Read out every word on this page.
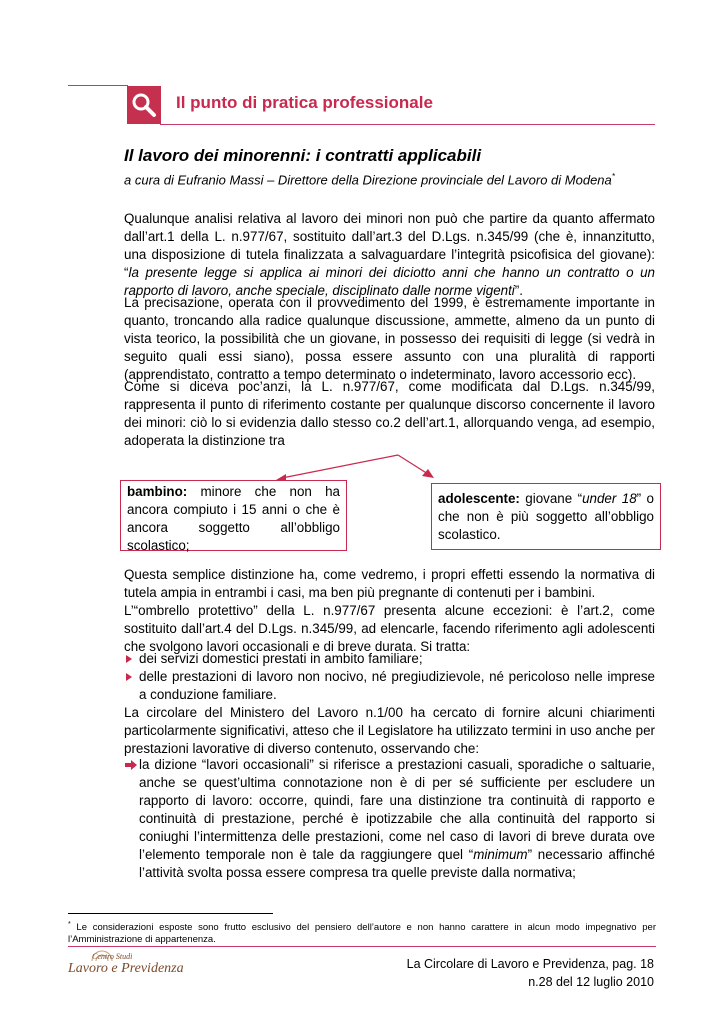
Il punto di pratica professionale
Il lavoro dei minorenni: i contratti applicabili
a cura di Eufranio Massi – Direttore della Direzione provinciale del Lavoro di Modena*
Qualunque analisi relativa al lavoro dei minori non può che partire da quanto affermato dall’art.1 della L. n.977/67, sostituito dall’art.3 del D.Lgs. n.345/99 (che è, innanzitutto, una disposizione di tutela finalizzata a salvaguardare l’integrità psicofisica del giovane): “la presente legge si applica ai minori dei diciotto anni che hanno un contratto o un rapporto di lavoro, anche speciale, disciplinato dalle norme vigenti”.
La precisazione, operata con il provvedimento del 1999, è estremamente importante in quanto, troncando alla radice qualunque discussione, ammette, almeno da un punto di vista teorico, la possibilità che un giovane, in possesso dei requisiti di legge (si vedrà in seguito quali essi siano), possa essere assunto con una pluralità di rapporti (apprendistato, contratto a tempo determinato o indeterminato, lavoro accessorio ecc).
Come si diceva poc’anzi, la L. n.977/67, come modificata dal D.Lgs. n.345/99, rappresenta il punto di riferimento costante per qualunque discorso concernente il lavoro dei minori: ciò lo si evidenzia dallo stesso co.2 dell’art.1, allorquando venga, ad esempio, adoperata la distinzione tra
bambino: minore che non ha ancora compiuto i 15 anni o che è ancora soggetto all’obbligo scolastico;
adolescente: giovane “under 18” o che non è più soggetto all’obbligo scolastico.
Questa semplice distinzione ha, come vedremo, i propri effetti essendo la normativa di tutela ampia in entrambi i casi, ma ben più pregnante di contenuti per i bambini.
L’“ombrello protettivo” della L. n.977/67 presenta alcune eccezioni: è l’art.2, come sostituito dall’art.4 del D.Lgs. n.345/99, ad elencarle, facendo riferimento agli adolescenti che svolgono lavori occasionali e di breve durata. Si tratta:
dei servizi domestici prestati in ambito familiare;
delle prestazioni di lavoro non nocivo, né pregiudizievole, né pericoloso nelle imprese a conduzione familiare.
La circolare del Ministero del Lavoro n.1/00 ha cercato di fornire alcuni chiarimenti particolarmente significativi, atteso che il Legislatore ha utilizzato termini in uso anche per prestazioni lavorative di diverso contenuto, osservando che:
la dizione “lavori occasionali” si riferisce a prestazioni casuali, sporadiche o saltuarie, anche se quest’ultima connotazione non è di per sé sufficiente per escludere un rapporto di lavoro: occorre, quindi, fare una distinzione tra continuità di rapporto e continuità di prestazione, perché è ipotizzabile che alla continuità del rapporto si coniughi l’intermittenza delle prestazioni, come nel caso di lavori di breve durata ove l’elemento temporale non è tale da raggiungere quel “minimum” necessario affinché l’attività svolta possa essere compresa tra quelle previste dalla normativa;
* Le considerazioni esposte sono frutto esclusivo del pensiero dell’autore e non hanno carattere in alcun modo impegnativo per l’Amministrazione di appartenenza.
Centro Studi
Lavoro e Previdenza	La Circolare di Lavoro e Previdenza, pag. 18
n.28 del 12 luglio 2010
